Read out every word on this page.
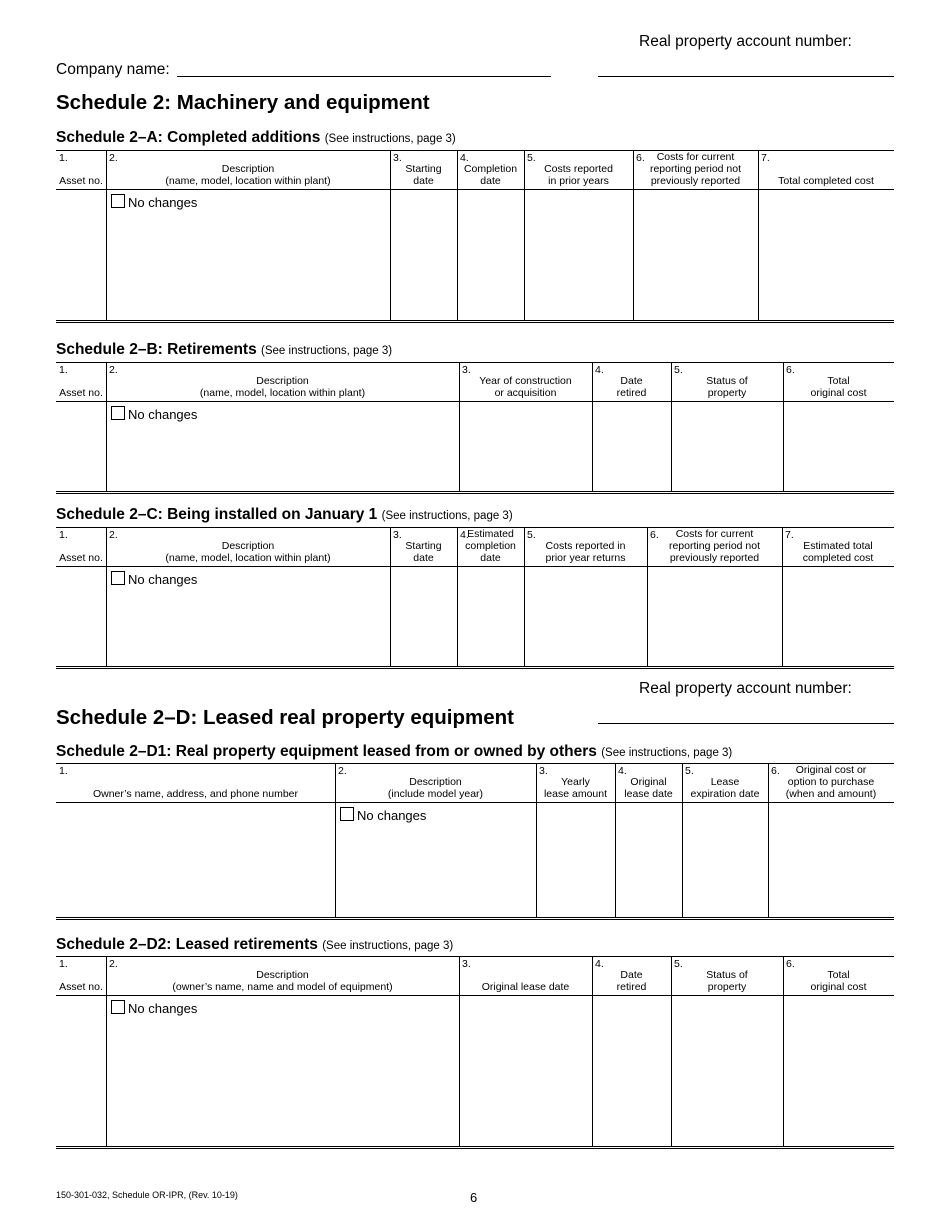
Real property account number:
Company name:
Schedule 2: Machinery and equipment
Schedule 2–A: Completed additions (See instructions, page 3)
1.
Asset no.
2.
Description
(name, model, location within plant)
3.
Starting
date
4.
Completion
date
5.
Costs reported
in prior years
6.	Costs for current
reporting period not
previously reported
7.
Total completed cost
No changes
Schedule 2–B: Retirements (See instructions, page 3)
1.
Asset no.
2.
Description
(name, model, location within plant)
3.
Year of construction
or acquisition
4.
Date
retired
5.
Status of
property
6.
Total
original cost
No changes
Schedule 2–C: Being installed on January 1 (See instructions, page 3)
1.
Asset no.
2.
Description
(name, model, location within plant)
3.
Starting
date
4.
Estimated
completion
date
5.
Costs reported in
prior year returns
6.	Costs for current
reporting period not
previously reported
7.
Estimated total
completed cost
No changes
Real property account number:
Schedule 2–D: Leased real property equipment
Schedule 2–D1: Real property equipment leased from or owned by others (See instructions, page 3)
1.
Owner’s name, address, and phone number
2.
Description
(include model year)
3.
Yearly
lease amount
4.
Original
lease date
5.
Lease
expiration date
6.	Original cost or
option to purchase
(when and amount)
No changes
Schedule 2–D2: Leased retirements (See instructions, page 3)
1.
Asset no.
2.
Description
(owner’s name, name and model of equipment)
3.
Original lease date
4.
Date
retired
5.
Status of
property
6.
Total
original cost
No changes
150-301-032, Schedule OR-IPR, (Rev. 10-19)	6
